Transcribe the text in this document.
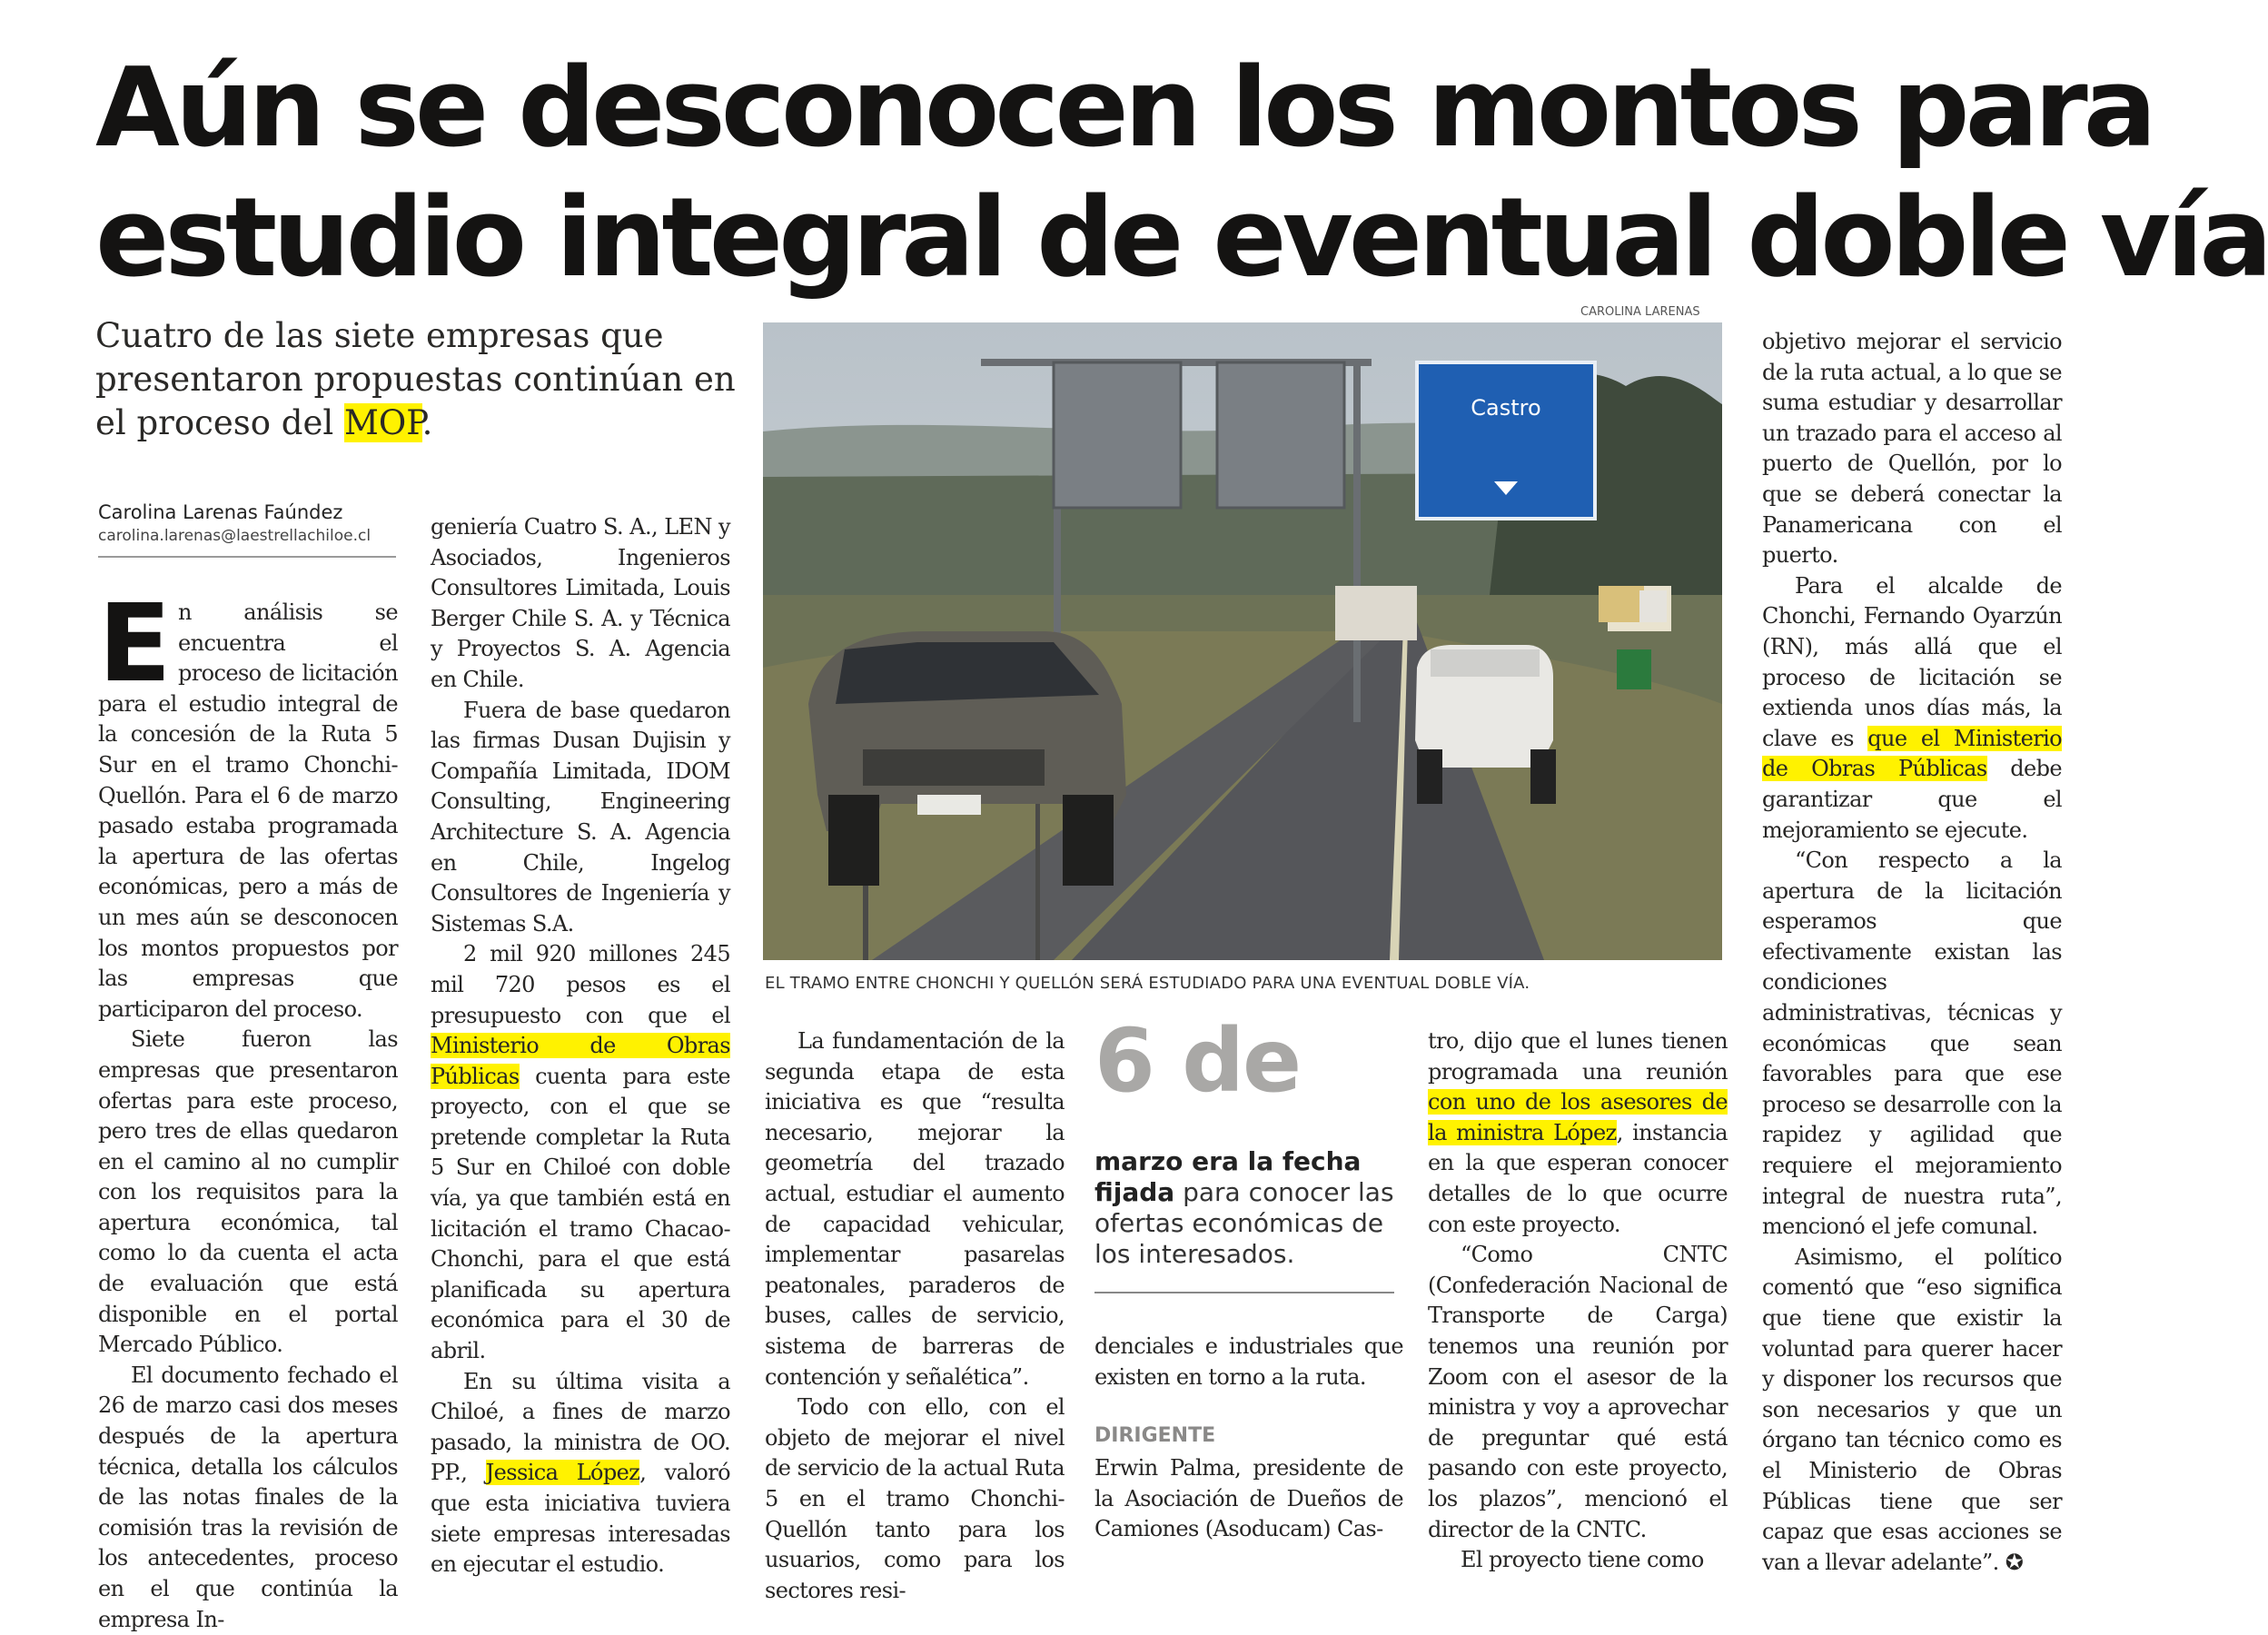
Aún se desconocen los montos para
estudio integral de eventual doble vía
Cuatro de las siete empresas que
presentaron propuestas continúan en
el proceso del MOP.
Carolina Larenas Faúndez
carolina.larenas@laestrellachiloe.cl

En análisis se encuentra el proceso de licitación para el estudio integral de la concesión de la Ruta 5 Sur en el tramo Chonchi-Quellón. Para el 6 de marzo pasado estaba programada la apertura de las ofertas económicas, pero a más de un mes aún se desconocen los montos propuestos por las empresas que participaron del proceso.

Siete fueron las empresas que presentaron ofertas para este proceso, pero tres de ellas quedaron en el camino al no cumplir con los requisitos para la apertura económica, tal como lo da cuenta el acta de evaluación que está disponible en el portal Mercado Público.

El documento fechado el 26 de marzo casi dos meses después de la apertura técnica, detalla los cálculos de las notas finales de la comisión tras la revisión de los antecedentes, proceso en el que continúa la empresa In-

geniería Cuatro S. A., LEN y Asociados, Ingenieros Consultores Limitada, Louis Berger Chile S. A. y Técnica y Proyectos S. A. Agencia en Chile.

Fuera de base quedaron las firmas Dusan Dujisin y Compañía Limitada, IDOM Consulting, Engineering Architecture S. A. Agencia en Chile, Ingelog Consultores de Ingeniería y Sistemas S.A.

2 mil 920 millones 245 mil 720 pesos es el presupuesto con que el Ministerio de Obras Públicas cuenta para este proyecto, con el que se pretende completar la Ruta 5 Sur en Chiloé con doble vía, ya que también está en licitación el tramo Chacao-Chonchi, para el que está planificada su apertura económica para el 30 de abril.

En su última visita a Chiloé, a fines de marzo pasado, la ministra de OO. PP., Jessica López, valoró que esta iniciativa tuviera siete empresas interesadas en ejecutar el estudio.

CAROLINA LARENAS
Castro
EL TRAMO ENTRE CHONCHI Y QUELLÓN SERÁ ESTUDIADO PARA UNA EVENTUAL DOBLE VÍA.

La fundamentación de la segunda etapa de esta iniciativa es que “resulta necesario, mejorar la geometría del trazado actual, estudiar el aumento de capacidad vehicular, implementar pasarelas peatonales, paraderos de buses, calles de servicio, sistema de barreras de contención y señalética”.

Todo con ello, con el objeto de mejorar el nivel de servicio de la actual Ruta 5 en el tramo Chonchi-Quellón tanto para los usuarios, como para los sectores resi-

6 de
marzo era la fecha fijada para conocer las ofertas económicas de los interesados.

denciales e industriales que existen en torno a la ruta.

DIRIGENTE

Erwin Palma, presidente de la Asociación de Dueños de Camiones (Asoducam) Cas-

tro, dijo que el lunes tienen programada una reunión con uno de los asesores de la ministra López, instancia en la que esperan conocer detalles de lo que ocurre con este proyecto.

“Como CNTC (Confederación Nacional de Transporte de Carga) tenemos una reunión por Zoom con el asesor de la ministra y voy a aprovechar de preguntar qué está pasando con este proyecto, los plazos”, mencionó el director de la CNTC.

El proyecto tiene como

objetivo mejorar el servicio de la ruta actual, a lo que se suma estudiar y desarrollar un trazado para el acceso al puerto de Quellón, por lo que se deberá conectar la Panamericana con el puerto.

Para el alcalde de Chonchi, Fernando Oyarzún (RN), más allá que el proceso de licitación se extienda unos días más, la clave es que el Ministerio de Obras Públicas debe garantizar que el mejoramiento se ejecute.

“Con respecto a la apertura de la licitación esperamos que efectivamente existan las condiciones administrativas, técnicas y económicas que sean favorables para que ese proceso se desarrolle con la rapidez y agilidad que requiere el mejoramiento integral de nuestra ruta”, mencionó el jefe comunal.

Asimismo, el político comentó que “eso significa que tiene que existir la voluntad para querer hacer y disponer los recursos que son necesarios y que un órgano tan técnico como es el Ministerio de Obras Públicas tiene que ser capaz que esas acciones se van a llevar adelante”. ✪
